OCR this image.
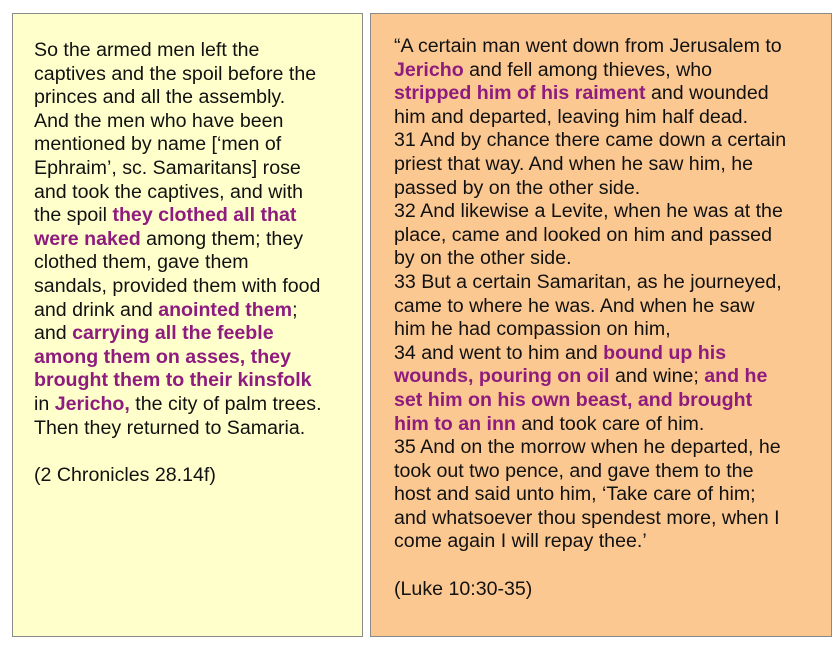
So the armed men left the
captives and the spoil before the
princes and all the assembly.
And the men who have been
mentioned by name [‘men of
Ephraim’, sc. Samaritans] rose
and took the captives, and with
the spoil they clothed all that
were naked among them; they
clothed them, gave them
sandals, provided them with food
and drink and anointed them;
and carrying all the feeble
among them on asses, they
brought them to their kinsfolk
in Jericho, the city of palm trees.
Then they returned to Samaria.
(2 Chronicles 28.14f)
“A certain man went down from Jerusalem to
Jericho and fell among thieves, who
stripped him of his raiment and wounded
him and departed, leaving him half dead.
31 And by chance there came down a certain
priest that way. And when he saw him, he
passed by on the other side.
32 And likewise a Levite, when he was at the
place, came and looked on him and passed
by on the other side.
33 But a certain Samaritan, as he journeyed,
came to where he was. And when he saw
him he had compassion on him,
34 and went to him and bound up his
wounds, pouring on oil and wine; and he
set him on his own beast, and brought
him to an inn and took care of him.
35 And on the morrow when he departed, he
took out two pence, and gave them to the
host and said unto him, ‘Take care of him;
and whatsoever thou spendest more, when I
come again I will repay thee.’
(Luke 10:30-35)
